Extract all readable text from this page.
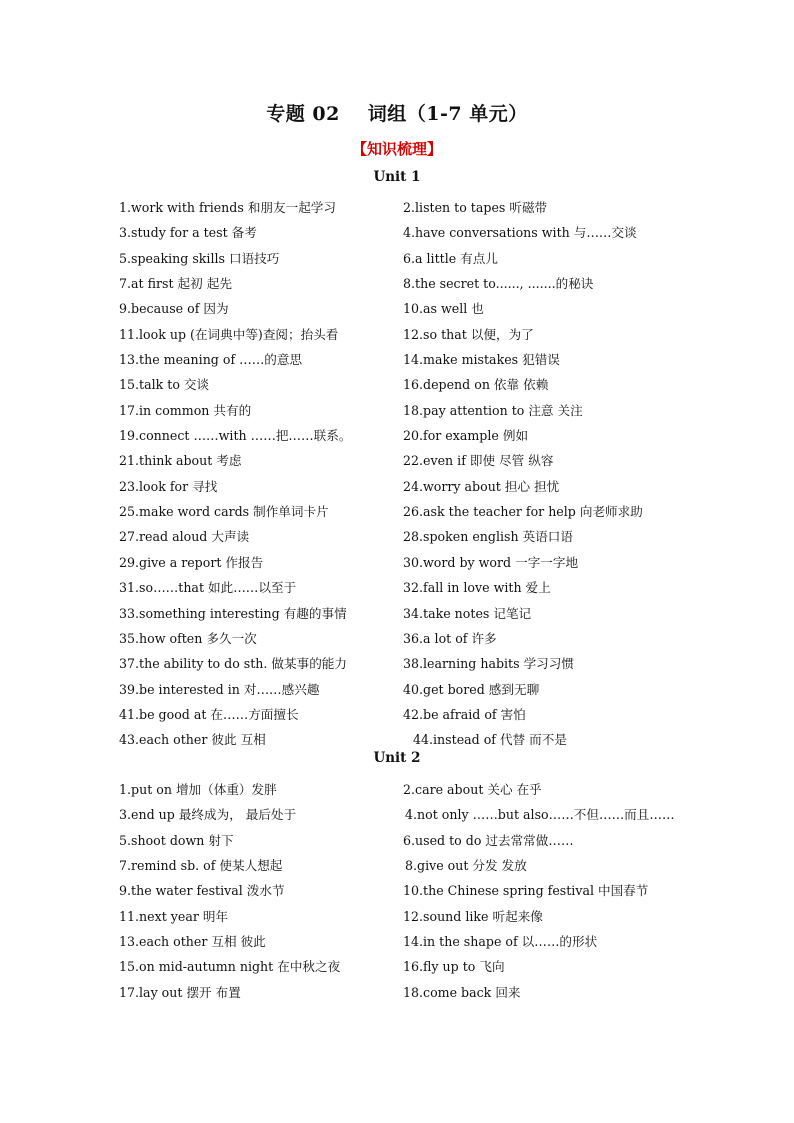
专题 02 词组（1-7 单元）
【知识梳理】
Unit 1
1.work with friends 和朋友一起学习	2.listen to tapes 听磁带
3.study for a test 备考	4.have conversations with 与……交谈
5.speaking skills 口语技巧	6.a little 有点儿
7.at first 起初 起先	8.the secret to......, .......的秘诀
9.because of 因为	10.as well 也
11.look up (在词典中等)查阅；抬头看	12.so that 以便，为了
13.the meaning of ……的意思	14.make mistakes 犯错误
15.talk to 交谈	16.depend on 依靠 依赖
17.in common 共有的	18.pay attention to 注意 关注
19.connect ……with ……把……联系。	20.for example 例如
21.think about 考虑	22.even if 即使 尽管 纵容
23.look for 寻找	24.worry about 担心 担忧
25.make word cards 制作单词卡片	26.ask the teacher for help 向老师求助
27.read aloud 大声读	28.spoken english 英语口语
29.give a report 作报告	30.word by word 一字一字地
31.so……that 如此……以至于	32.fall in love with 爱上
33.something interesting 有趣的事情	34.take notes 记笔记
35.how often 多久一次	36.a lot of 许多
37.the ability to do sth. 做某事的能力	38.learning habits 学习习惯
39.be interested in 对……感兴趣	40.get bored 感到无聊
41.be good at 在……方面擅长	42.be afraid of 害怕
43.each other 彼此 互相	44.instead of 代替 而不是
Unit 2
1.put on 增加（体重）发胖	2.care about 关心 在乎
3.end up 最终成为， 最后处于	4.not only ……but also……不但……而且……
5.shoot down 射下	6.used to do 过去常常做……
7.remind sb. of 使某人想起	8.give out 分发 发放
9.the water festival 泼水节	10.the Chinese spring festival 中国春节
11.next year 明年	12.sound like 听起来像
13.each other 互相 彼此	14.in the shape of 以……的形状
15.on mid-autumn night 在中秋之夜	16.fly up to 飞向
17.lay out 摆开 布置	18.come back 回来
